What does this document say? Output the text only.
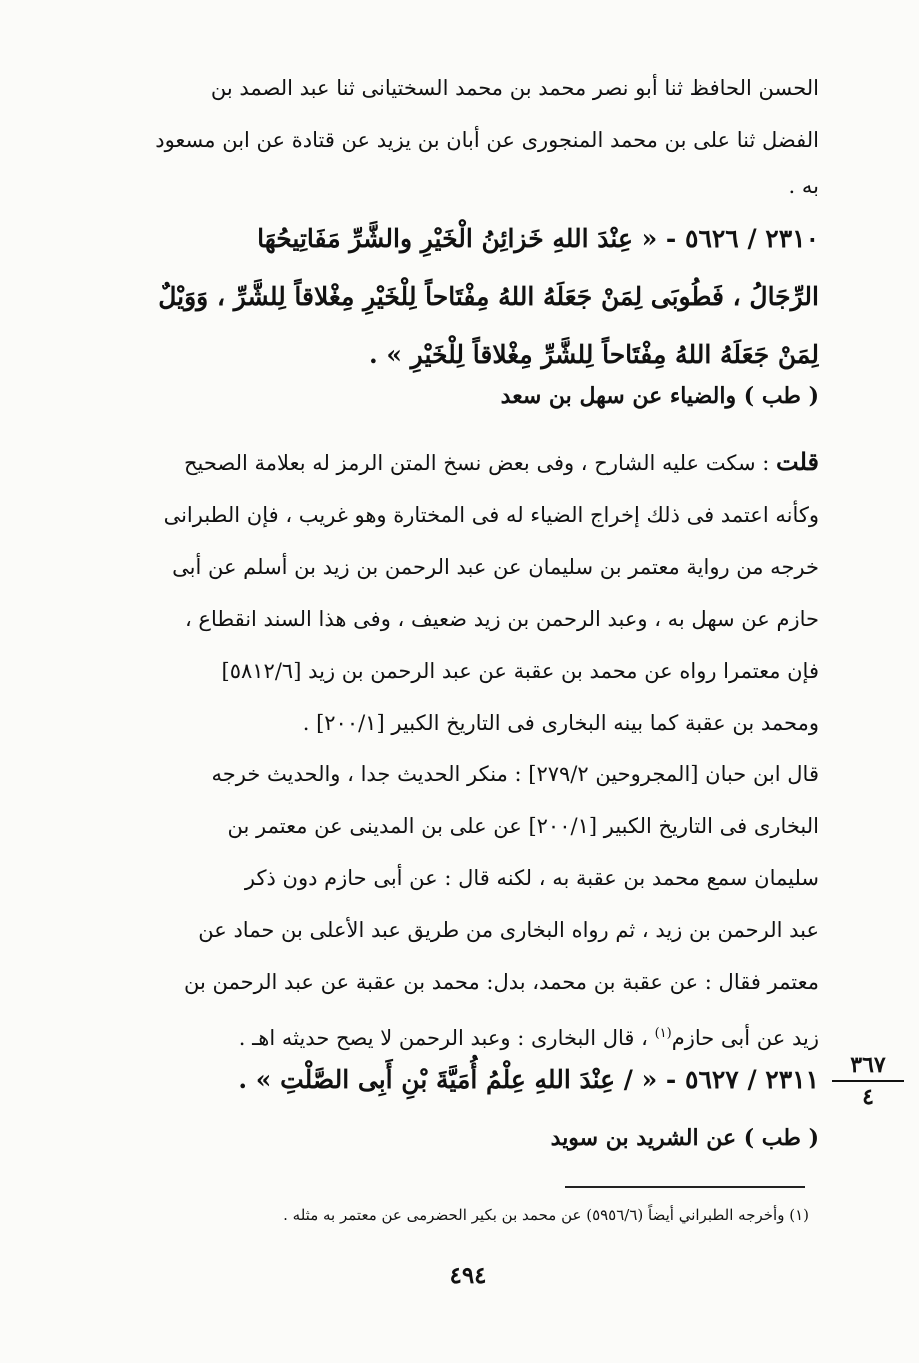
الحسن الحافظ ثنا أبو نصر محمد بن محمد السختيانى ثنا عبد الصمد بن
الفضل ثنا على بن محمد المنجورى عن أبان بن يزيد عن قتادة عن ابن مسعود
به .
٢٣١٠ / ٥٦٢٦ - « عِنْدَ اللهِ خَزائِنُ الْخَيْرِ والشَّرِّ مَفَاتِيحُهَا
الرِّجَالُ ، فَطُوبَى لِمَنْ جَعَلَهُ اللهُ مِفْتَاحاً لِلْخَيْرِ مِغْلاقاً لِلشَّرِّ ، وَوَيْلٌ
لِمَنْ جَعَلَهُ اللهُ مِفْتَاحاً لِلشَّرِّ مِغْلاقاً لِلْخَيْرِ » .
( طب ) والضياء عن سهل بن سعد
قلت : سكت عليه الشارح ، وفى بعض نسخ المتن الرمز له بعلامة الصحيح
وكأنه اعتمد فى ذلك إخراج الضياء له فى المختارة وهو غريب ، فإن الطبرانى
خرجه من رواية معتمر بن سليمان عن عبد الرحمن بن زيد بن أسلم عن أبى
حازم عن سهل به ، وعبد الرحمن بن زيد ضعيف ، وفى هذا السند انقطاع ،
فإن معتمرا رواه عن محمد بن عقبة عن عبد الرحمن بن زيد [٥٨١٢/٦]
ومحمد بن عقبة كما بينه البخارى فى التاريخ الكبير [٢٠٠/١] .
قال ابن حبان [المجروحين ٢٧٩/٢] : منكر الحديث جدا ، والحديث خرجه
البخارى فى التاريخ الكبير [٢٠٠/١] عن على بن المدينى عن معتمر بن
سليمان سمع محمد بن عقبة به ، لكنه قال : عن أبى حازم دون ذكر
عبد الرحمن بن زيد ، ثم رواه البخارى من طريق عبد الأعلى بن حماد عن
معتمر فقال : عن عقبة بن محمد، بدل: محمد بن عقبة عن عبد الرحمن بن
زيد عن أبى حازم$^{(١)}$ ، قال البخارى : وعبد الرحمن لا يصح حديثه اهـ .
٢٣١١ / ٥٦٢٧ - « / عِنْدَ اللهِ عِلْمُ أُمَيَّةَ بْنِ أَبِى الصَّلْتِ » .	٣٦٧
٤
( طب ) عن الشريد بن سويد
(١) وأخرجه الطبراني أيضاً (٥٩٥٦/٦) عن محمد بن بكير الحضرمى عن معتمر به مثله .
٤٩٤
